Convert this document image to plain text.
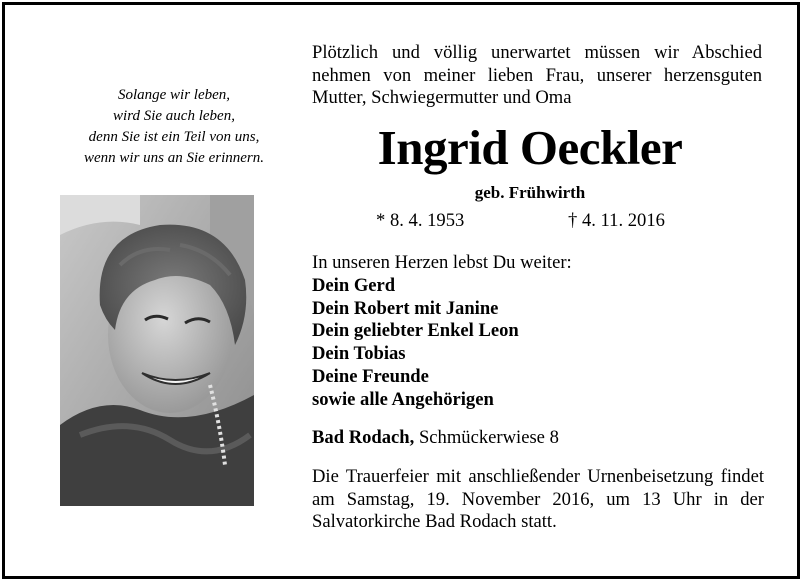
Solange wir leben,
wird Sie auch leben,
denn Sie ist ein Teil von uns,
wenn wir uns an Sie erinnern.
Plötzlich und völlig unerwartet müssen wir Abschied nehmen von meiner lieben Frau, unserer herzensguten Mutter, Schwiegermutter und Oma
Ingrid Oeckler
geb. Frühwirth
* 8. 4. 1953	† 4. 11. 2016
In unseren Herzen lebst Du weiter:
Dein Gerd
Dein Robert mit Janine
Dein geliebter Enkel Leon
Dein Tobias
Deine Freunde
sowie alle Angehörigen
Bad Rodach, Schmückerwiese 8
Die Trauerfeier mit anschließender Urnenbeisetzung findet am Samstag, 19. November 2016, um 13 Uhr in der Salvatorkirche Bad Rodach statt.
